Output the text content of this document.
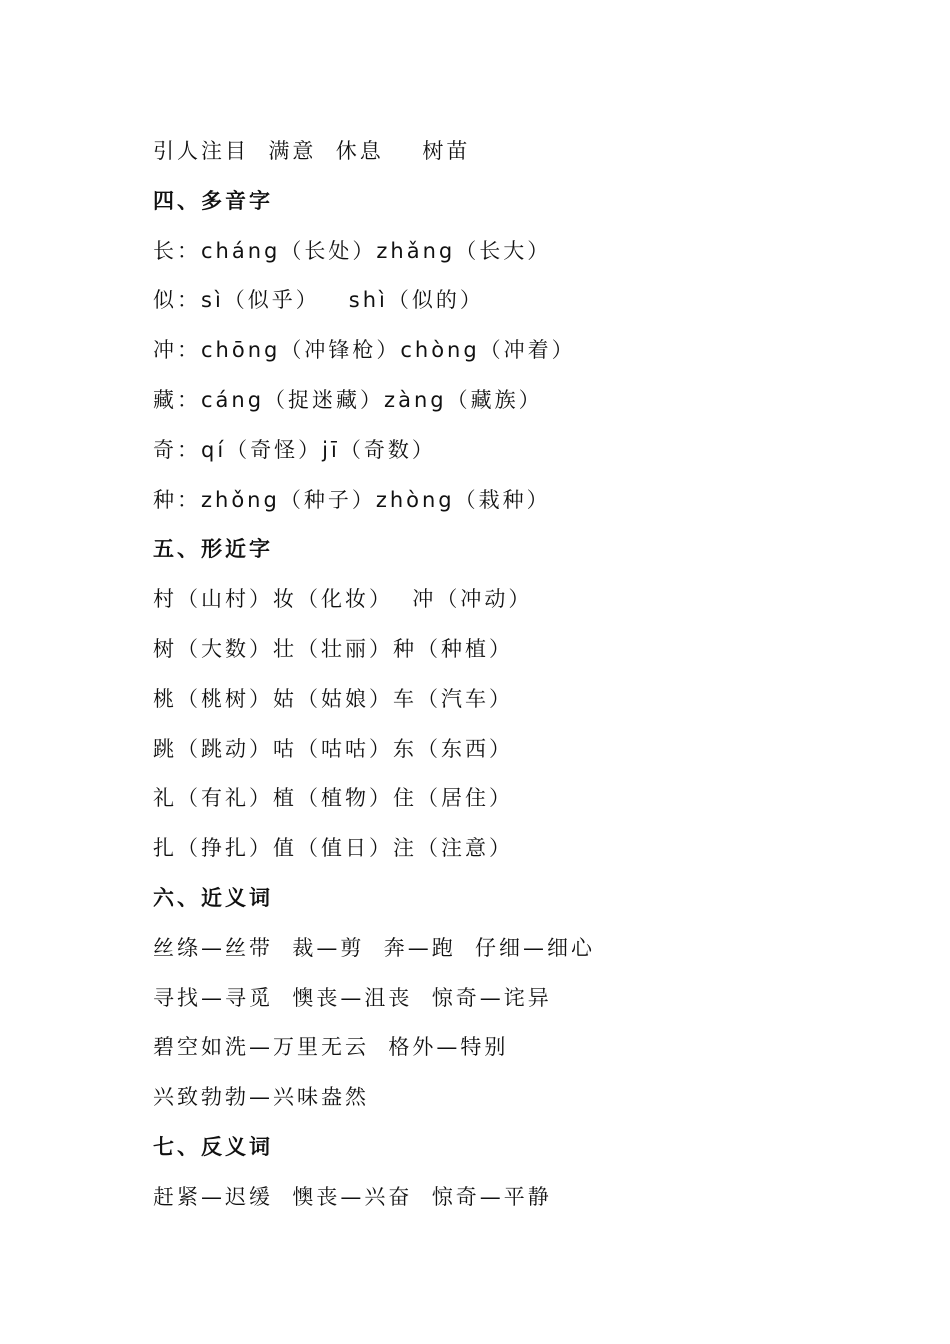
引人注目  满意  休息    树苗
四、多音字
长：cháng（长处）zhǎng（长大）
似：sì（似乎）   shì（似的）
冲：chōng（冲锋枪）chòng（冲着）
藏：cáng（捉迷藏）zàng（藏族）
奇：qí（奇怪）jī（奇数）
种：zhǒng（种子）zhòng（栽种）
五、形近字
村（山村）妆（化妆）  冲（冲动）
树（大数）壮（壮丽）种（种植）
桃（桃树）姑（姑娘）车（汽车）
跳（跳动）咕（咕咕）东（东西）
礼（有礼）植（植物）住（居住）
扎（挣扎）值（值日）注（注意）
六、近义词
丝绦—丝带  裁—剪  奔—跑  仔细—细心
寻找—寻觅  懊丧—沮丧  惊奇—诧异
碧空如洗—万里无云  格外—特别
兴致勃勃—兴味盎然
七、反义词
赶紧—迟缓  懊丧—兴奋  惊奇—平静
